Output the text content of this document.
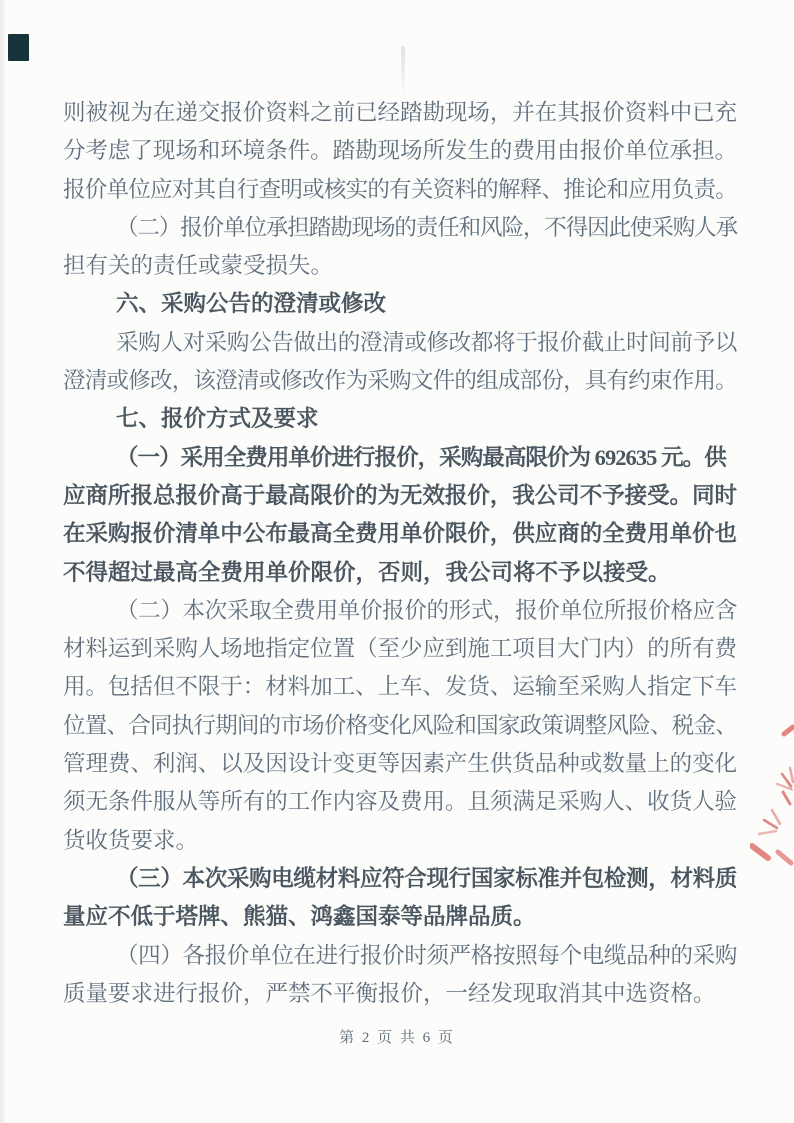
则被视为在递交报价资料之前已经踏勘现场，并在其报价资料中已充
分考虑了现场和环境条件。踏勘现场所发生的费用由报价单位承担。
报价单位应对其自行查明或核实的有关资料的解释、推论和应用负责。
（二）报价单位承担踏勘现场的责任和风险，不得因此使采购人承
担有关的责任或蒙受损失。
六、采购公告的澄清或修改
采购人对采购公告做出的澄清或修改都将于报价截止时间前予以
澄清或修改，该澄清或修改作为采购文件的组成部份，具有约束作用。
七、报价方式及要求
（一）采用全费用单价进行报价，采购最高限价为 692635 元。供
应商所报总报价高于最高限价的为无效报价，我公司不予接受。同时
在采购报价清单中公布最高全费用单价限价，供应商的全费用单价也
不得超过最高全费用单价限价，否则，我公司将不予以接受。
（二）本次采取全费用单价报价的形式，报价单位所报价格应含
材料运到采购人场地指定位置（至少应到施工项目大门内）的所有费
用。包括但不限于：材料加工、上车、发货、运输至采购人指定下车
位置、合同执行期间的市场价格变化风险和国家政策调整风险、税金、
管理费、利润、以及因设计变更等因素产生供货品种或数量上的变化
须无条件服从等所有的工作内容及费用。且须满足采购人、收货人验
货收货要求。
（三）本次采购电缆材料应符合现行国家标准并包检测，材料质
量应不低于塔牌、熊猫、鸿鑫国泰等品牌品质。
（四）各报价单位在进行报价时须严格按照每个电缆品种的采购
质量要求进行报价，严禁不平衡报价，一经发现取消其中选资格。
第 2 页 共 6 页
